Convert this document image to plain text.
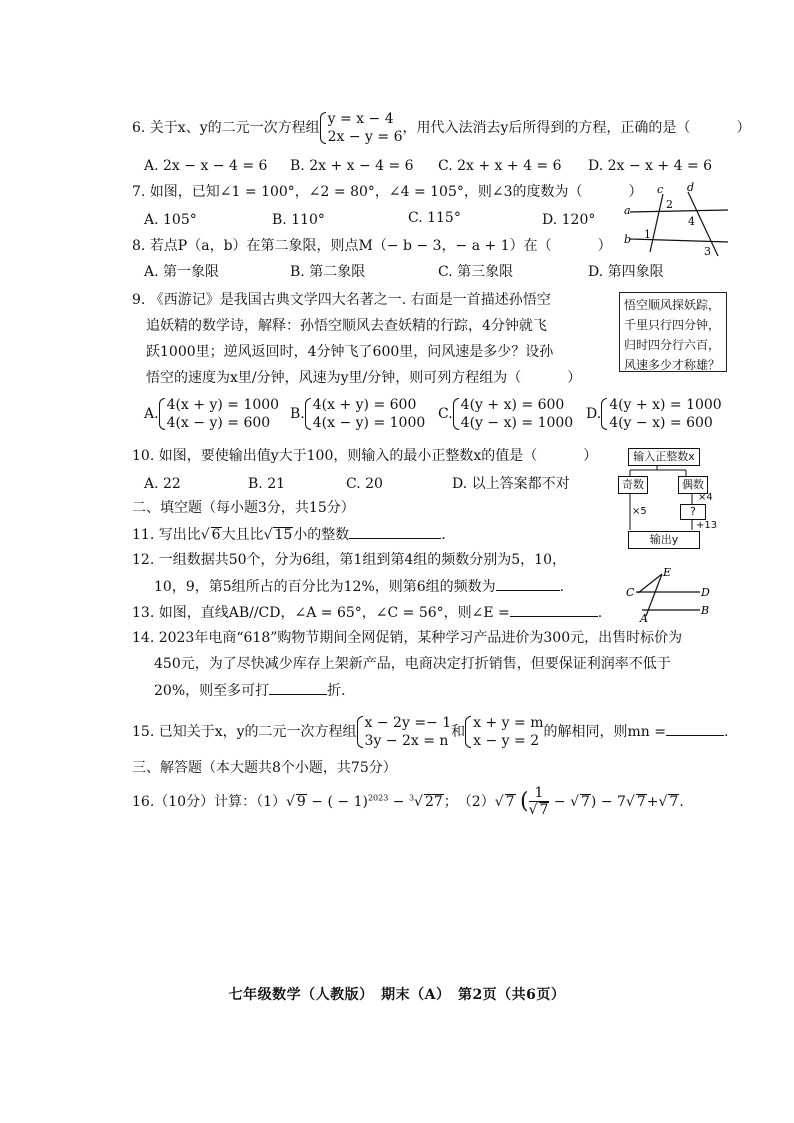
6. 关于x、y的二元一次方程组
y = x − 4
2x − y = 6
，用代入法消去y后所得到的方程，正确的是（	）
A. 2x − x − 4 = 6 B. 2x + x − 4 = 6 C. 2x + x + 4 = 6 D. 2x − x + 4 = 6
7. 如图，已知∠1 = 100°，∠2 = 80°，∠4 = 105°，则∠3的度数为（	）
A. 105°	B. 110°	C. 115°	D. 120°
a
b
c d
1
2
3
4
8. 若点P（a，b）在第二象限，则点M（− b − 3，− a + 1）在（	）
A. 第一象限	B. 第二象限	C. 第三象限	D. 第四象限
9. 《西游记》是我国古典文学四大名著之一. 右面是一首描述孙悟空
追妖精的数学诗，解释：孙悟空顺风去查妖精的行踪，4分钟就飞
跃1000里；逆风返回时，4分钟飞了600里，问风速是多少？设孙
悟空的速度为x里/分钟，风速为y里/分钟，则可列方程组为（	）
悟空顺风探妖踪，
千里只行四分钟，
归时四分行六百，
风速多少才称雄？
A.
4(x + y) = 1000
4(x − y) = 600
B.
4(x + y) = 600
4(x − y) = 1000
C.
4(y + x) = 600
4(y − x) = 1000
D.
4(y + x) = 1000
4(y − x) = 600
10. 如图，要使输出值y大于100，则输入的最小正整数x的值是（	）
A. 22	B. 21	C. 20	D. 以上答案都不对
输入正整数x
奇数	偶数
×5
×4
?
+13
输出y
二、填空题（每小题3分，共15分）
11. 写出比√ 6大且比√ 15小的整数	.
12. 一组数据共50个，分为6组，第1组到第4组的频数分别为5，10，
10，9，第5组所占的百分比为12%，则第6组的频数为	.
13. 如图，直线AB//CD，∠A = 65°，∠C = 56°，则∠E =	.
E
C	D
A
B
14. 2023年电商“618”购物节期间全网促销，某种学习产品进价为300元，出售时标价为
450元，为了尽快减少库存上架新产品，电商决定打折销售，但要保证利润率不低于
20%，则至多可打	折.
15. 已知关于x，y的二元一次方程组
x − 2y =− 1
3y − 2x = n
和
x + y = m
x − y = 2
的解相同，则mn =	.
三、解答题（本大题共8个小题，共75分）
16.（10分）计算：（1）√ 9 − ( − 1)$^{2023}$ − $^3$√ 27；　（2）√ 7 ( $\frac{1}{√ 7}$ − √ 7) − 7√ 7+√ 7.
七年级数学（人教版）　期末（A）　第2页（共6页）
